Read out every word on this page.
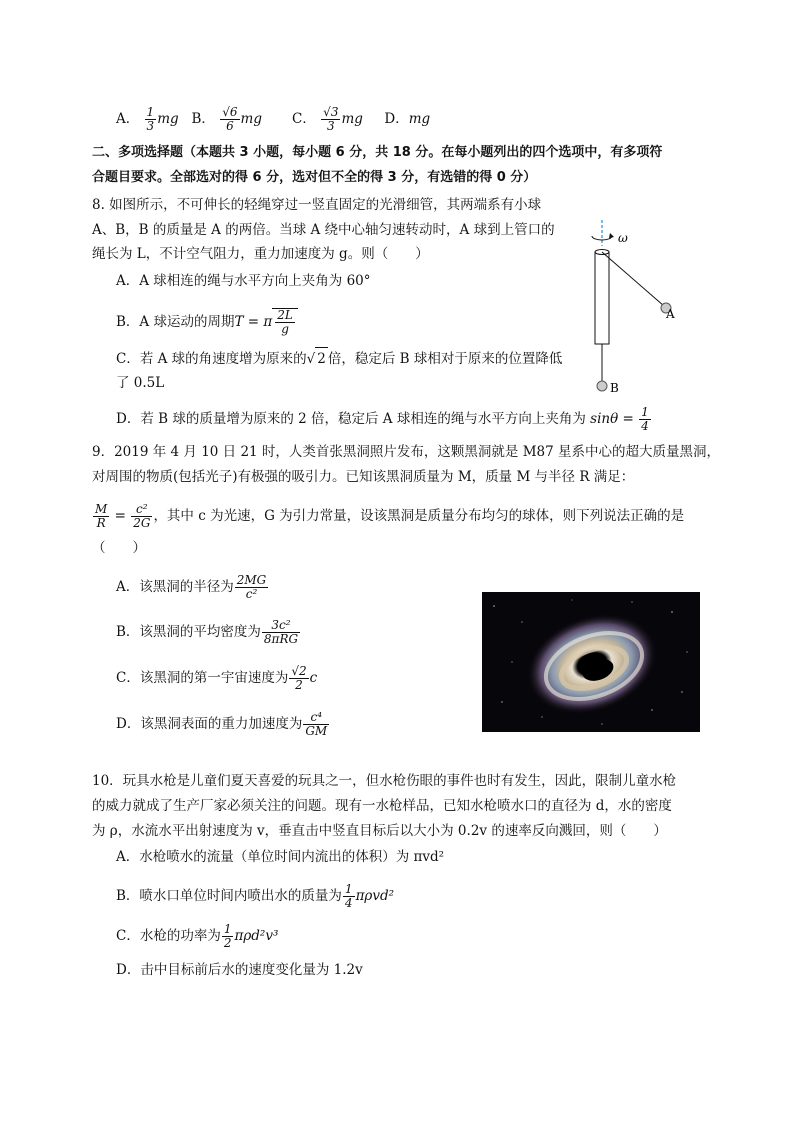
A． $\frac{1}{3}$ mg B． $\frac{√6}{6}$ mg C． $\frac{√3}{3}$ mg D．mg
二、多项选择题（本题共 3 小题，每小题 6 分，共 18 分。在每小题列出的四个选项中，有多项符
合题目要求。全部选对的得 6 分，选对但不全的得 3 分，有选错的得 0 分）
8. 如图所示，不可伸长的轻绳穿过一竖直固定的光滑细管，其两端系有小球
A、B，B 的质量是 A 的两倍。当球 A 绕中心轴匀速转动时，A 球到上管口的
绳长为 L，不计空气阻力，重力加速度为 g。则（　　）
A．A 球相连的绳与水平方向上夹角为 60°
B．A 球运动的周期T = π $\frac{2L}{g}$
C．若 A 球的角速度增为原来的√ 2 倍，稳定后 B 球相对于原来的位置降低
了 0.5L
D．若 B 球的质量增为原来的 2 倍，稳定后 A 球相连的绳与水平方向上夹角为 $\sin\theta = \frac{1}{4}$
ω
A
B
9．2019 年 4 月 10 日 21 时，人类首张黑洞照片发布，这颗黑洞就是 M87 星系中心的超大质量黑洞，
对周围的物质(包括光子)有极强的吸引力。已知该黑洞质量为 M，质量 M 与半径 R 满足：
$\frac{M}{R} = \frac{\text{c²}}{2G}$ ，其中 c 为光速，G 为引力常量，设该黑洞是质量分布均匀的球体，则下列说法正确的是
（　　）
A．该黑洞的半径为 $\frac{2MG}{\text{c²}}$
B．该黑洞的平均密度为 $\frac{\text{3c²}}{\text{8πRG}}$
C．该黑洞的第一宇宙速度为 $\frac{√2}{2}$ c
D．该黑洞表面的重力加速度为 $\frac{\text{c⁴}}{GM}$
10．玩具水枪是儿童们夏天喜爱的玩具之一，但水枪伤眼的事件也时有发生，因此，限制儿童水枪
的威力就成了生产厂家必须关注的问题。现有一水枪样品，已知水枪喷水口的直径为 d，水的密度
为 ρ，水流水平出射速度为 v，垂直击中竖直目标后以大小为 0.2v 的速率反向溅回，则（　　）
A．水枪喷水的流量（单位时间内流出的体积）为 πvd²
B．喷水口单位时间内喷出水的质量为 $\frac{1}{4} \pi\rho vd^2$
C．水枪的功率为 $\frac{1}{2} \pi\rho d^2v^3$
D．击中目标前后水的速度变化量为 1.2v
